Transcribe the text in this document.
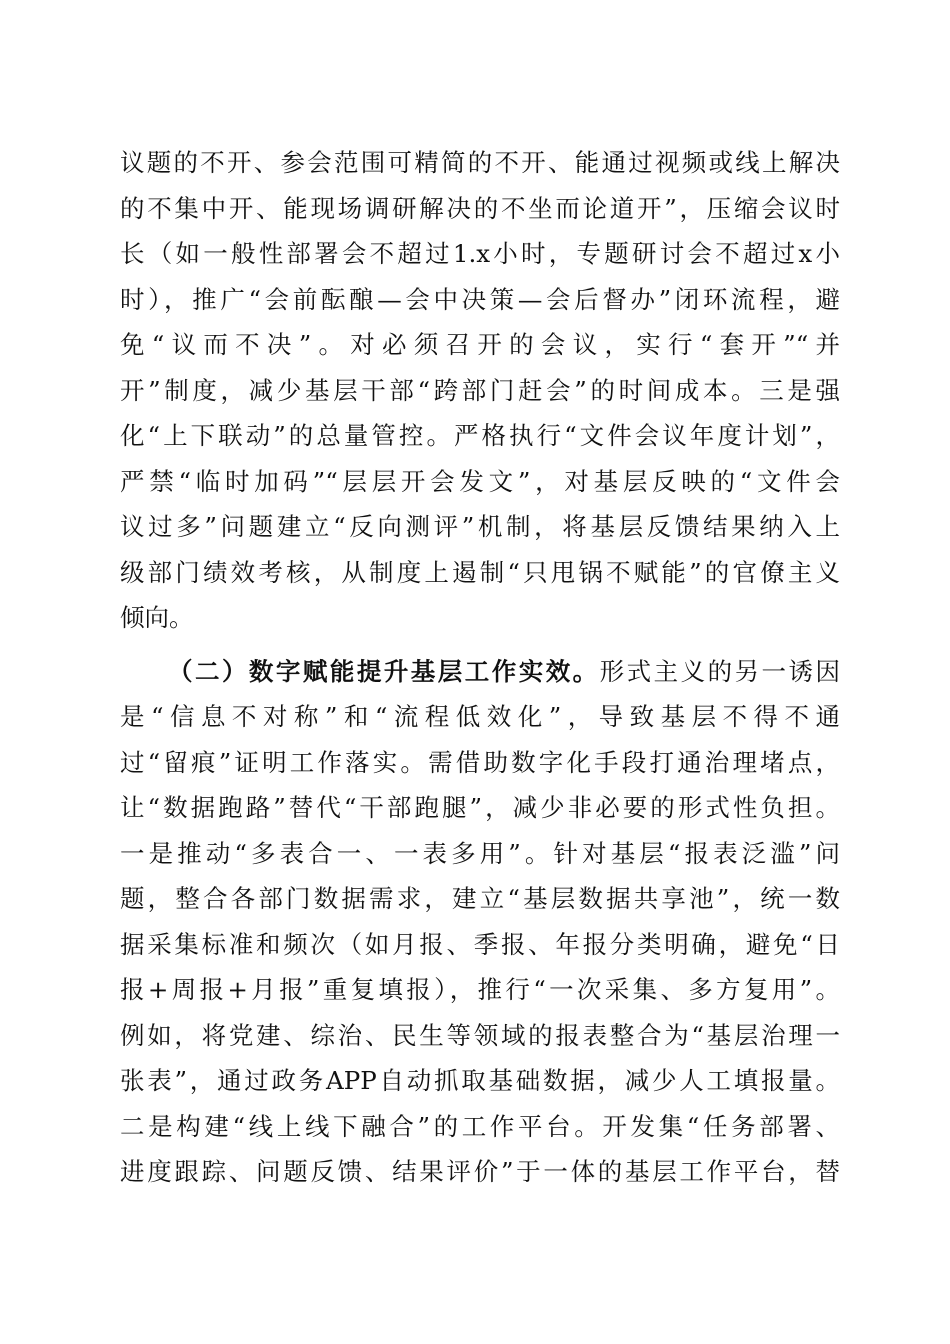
议题的不开、参会范围可精简的不开、能通过视频或线上解决
的不集中开、能现场调研解决的不坐而论道开”，压缩会议时
长（如一般性部署会不超过1.x小时，专题研讨会不超过x小
时），推广“会前酝酿—会中决策—会后督办”闭环流程，避
免“议而不决”。对必须召开的会议，实行“套开”“并
开”制度，减少基层干部“跨部门赶会”的时间成本。三是强
化“上下联动”的总量管控。严格执行“文件会议年度计划”，
严禁“临时加码”“层层开会发文”，对基层反映的“文件会
议过多”问题建立“反向测评”机制，将基层反馈结果纳入上
级部门绩效考核，从制度上遏制“只甩锅不赋能”的官僚主义
倾向。
（二）数字赋能提升基层工作实效。形式主义的另一诱因
是“信息不对称”和“流程低效化”，导致基层不得不通
过“留痕”证明工作落实。需借助数字化手段打通治理堵点，
让“数据跑路”替代“干部跑腿”，减少非必要的形式性负担。
一是推动“多表合一、一表多用”。针对基层“报表泛滥”问
题，整合各部门数据需求，建立“基层数据共享池”，统一数
据采集标准和频次（如月报、季报、年报分类明确，避免“日
报+周报+月报”重复填报），推行“一次采集、多方复用”。
例如，将党建、综治、民生等领域的报表整合为“基层治理一
张表”，通过政务APP自动抓取基础数据，减少人工填报量。
二是构建“线上线下融合”的工作平台。开发集“任务部署、
进度跟踪、问题反馈、结果评价”于一体的基层工作平台，替
